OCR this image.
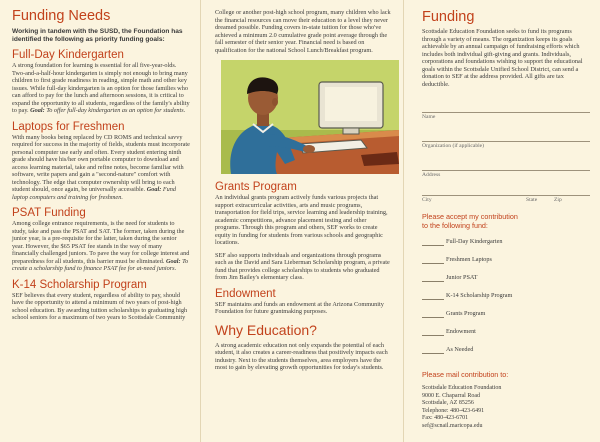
Funding Needs
Working in tandem with the SUSD, the Foundation has identified the following as priority funding goals:
Full-Day Kindergarten

A strong foundation for learning is essential for all five-year-olds. Two-and-a-half-hour kindergarten is simply not enough to bring many children to first grade readiness in reading, simple math and other key issues. While full-day kindergarten is an option for those families who can afford to pay for the lunch and afternoon sessions, it is critical to expand the opportunity to all students, regardless of the family's ability to pay. Goal: To offer full-day kindergarten as an option for students.

Laptops for Freshmen

With many books being replaced by CD ROMS and technical savvy required for success in the majority of fields, students must incorporate personal computer use early and often. Every student entering ninth grade should have his/her own portable computer to download and access learning material, take and refine notes, become familiar with software, write papers and gain a "second-nature" comfort with technology. The edge that computer ownership will bring to each student should, once again, be universally accessible. Goal: Fund laptop computers and training for freshmen.

PSAT Funding

Among college entrance requirements, is the need for students to study, take and pass the PSAT and SAT. The former, taken during the junior year, is a pre-requisite for the latter, taken during the senior year. However, the $65 PSAT fee stands in the way of many financially challenged juniors. To pave the way for college interest and preparedness for all students, this barrier must be eliminated. Goal: To create a scholarship fund to finance PSAT fee for at-need juniors.

K-14 Scholarship Program

SEF believes that every student, regardless of ability to pay, should have the opportunity to attend a minimum of two years of post-high school education. By awarding tuition scholarships to graduating high school seniors for a maximum of two years to Scottsdale Community

College or another post-high school program, many children who lack the financial resources can move their education to a level they never dreamed possible. Funding covers in-state tuition for those who've achieved a minimum 2.0 cumulative grade point average through the fall semester of their senior year. Financial need is based on qualification for the national School Lunch/Breakfast program.

Grants Program

An individual grants program actively funds various projects that support extracurricular activities, arts and music programs, transportation for field trips, service learning and leadership training, academic competitions, advance placement testing and other programs. Through this program and others, SEF works to create equity in funding for students from various schools and geographic locations.

SEF also supports individuals and organizations through programs such as the David and Sara Lieberman Scholarship program, a private fund that provides college scholarships to students who graduated from Jim Bailey's elementary class.

Endowment

SEF maintains and funds an endowment at the Arizona Community Foundation for future grantmaking purposes.

Why Education?

A strong academic education not only expands the potential of each student, it also creates a career-readiness that positively impacts each industry. Next to the students themselves, area employers have the most to gain by elevating growth opportunities for today's students.

Funding

Scottsdale Education Foundation seeks to fund its programs through a variety of means. The organization keeps its goals achievable by an annual campaign of fundraising efforts which includes both individual gift-giving and grants. Individuals, corporations and foundations wishing to support the educational goals within the Scottsdale Unified School District, can send a donation to SEF at the address provided. All gifts are tax deductible.

Name
Organization (if applicable)
Address
City	State	Zip
Please accept my contribution
to the following fund:
Full-Day Kindergarten
Freshmen Laptops
Junior PSAT
K-14 Scholarship Program
Grants Program
Endowment
As Needed
Please mail contribution to:
Scottsdale Education Foundation
9000 E. Chaparral Road
Scottsdale, AZ 85256
Telephone: 480-423-6491
Fax: 480-423-6701
sef@scnail.maricopa.edu
